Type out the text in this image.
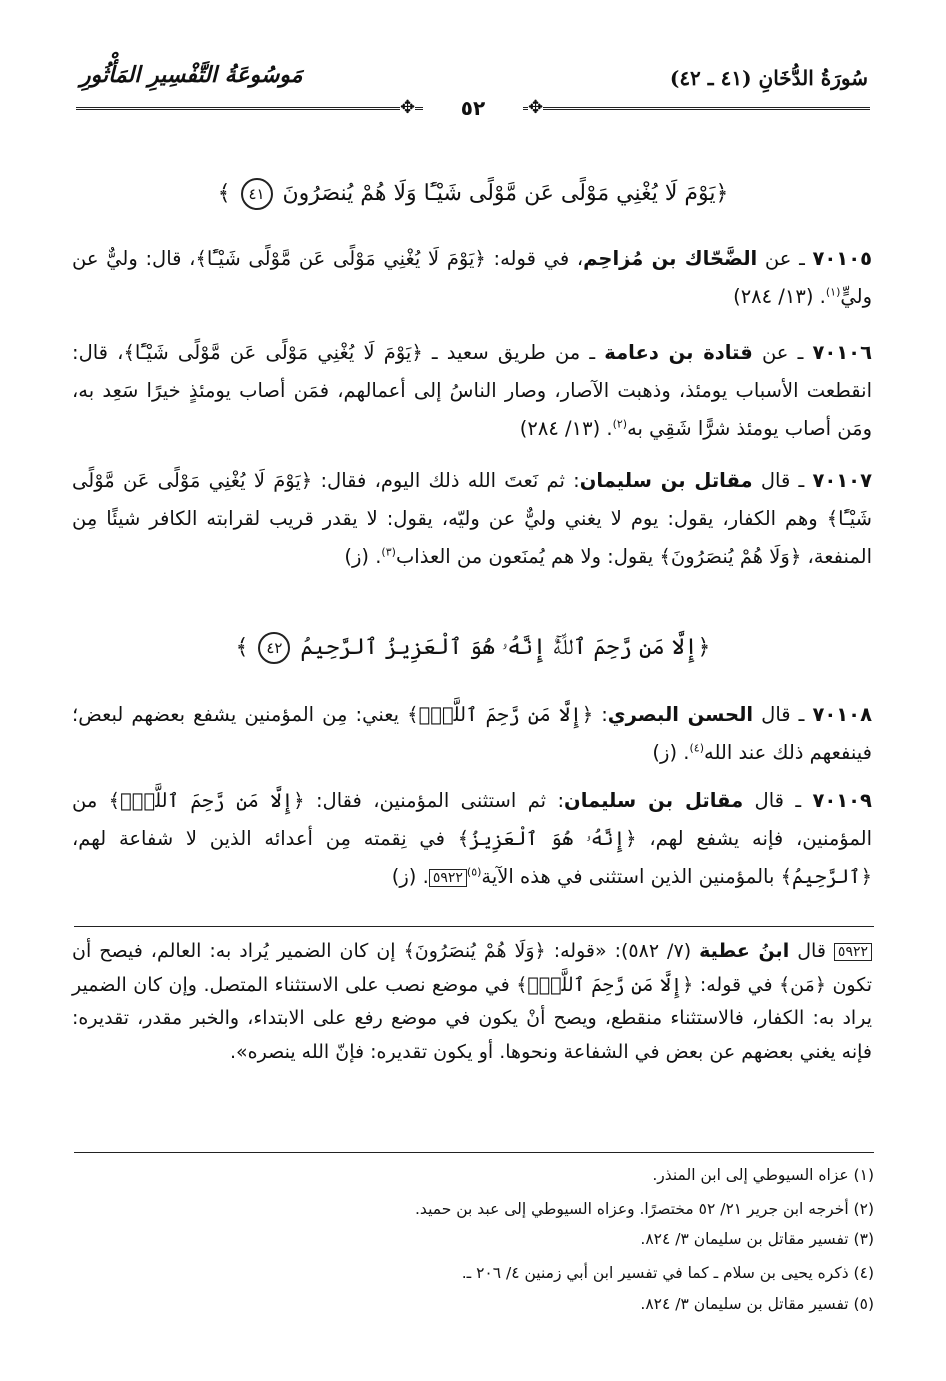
سُورَةُ الدُّخَانِ (٤١ ـ ٤٢)
مَوسُوعَةُ التَّفْسِيرِ المَأْثُورِ
✥	٥٢	✥
﴿يَوْمَ لَا يُغْنِي مَوْلًى عَن مَّوْلًى شَيْـًٔا وَلَا هُمْ يُنصَرُونَ ٤١ ﴾
٧٠١٠٥ ـ عن الضَّحّاك بن مُزاحِم، في قوله: ﴿يَوْمَ لَا يُغْنِي مَوْلًى عَن مَّوْلًى شَيْـًٔا﴾، قال: وليٌّ عن وليٍّ$^{(١)}$. (١٣/ ٢٨٤)
٧٠١٠٦ ـ عن قتادة بن دعامة ـ من طريق سعيد ـ ﴿يَوْمَ لَا يُغْنِي مَوْلًى عَن مَّوْلًى شَيْـًٔا﴾، قال: انقطعت الأسباب يومئذ، وذهبت الآصار، وصار الناسُ إلى أعمالهم، فمَن أصاب يومئذٍ خيرًا سَعِد به، ومَن أصاب يومئذ شرًّا شَقِي به$^{(٢)}$. (١٣/ ٢٨٤)
٧٠١٠٧ ـ قال مقاتل بن سليمان: ثم نَعتَ الله ذلك اليوم، فقال: ﴿يَوْمَ لَا يُغْنِي مَوْلًى عَن مَّوْلًى شَيْـًٔا﴾ وهم الكفار، يقول: يوم لا يغني وليٌّ عن وليّه، يقول: لا يقدر قريب لقرابته الكافر شيئًا مِن المنفعة، ﴿وَلَا هُمْ يُنصَرُونَ﴾ يقول: ولا هم يُمنَعون من العذاب$^{(٣)}$. (ز)
﴿إِلَّا مَن رَّحِمَ ٱللَّهُۚ إِنَّهُۥ هُوَ ٱلْعَزِيزُ ٱلرَّحِيمُ ٤٢ ﴾
٧٠١٠٨ ـ قال الحسن البصري: ﴿إِلَّا مَن رَّحِمَ ٱللَّهُۚ﴾ يعني: مِن المؤمنين يشفع بعضهم لبعض؛ فينفعهم ذلك عند الله$^{(٤)}$. (ز)
٧٠١٠٩ ـ قال مقاتل بن سليمان: ثم استثنى المؤمنين، فقال: ﴿إِلَّا مَن رَّحِمَ ٱللَّهُۚ﴾ من المؤمنين، فإنه يشفع لهم، ﴿إِنَّهُۥ هُوَ ٱلْعَزِيزُ﴾ في نِقمته مِن أعدائه الذين لا شفاعة لهم، ﴿ٱلرَّحِيمُ﴾ بالمؤمنين الذين استثنى في هذه الآية$^{(٥)}$٥٩٢٢. (ز)
٥٩٢٢ قال ابنُ عطية (٧/ ٥٨٢): «قوله: ﴿وَلَا هُمْ يُنصَرُونَ﴾ إن كان الضمير يُراد به: العالم، فيصح أن تكون ﴿مَن﴾ في قوله: ﴿إِلَّا مَن رَّحِمَ ٱللَّهُۚ﴾ في موضع نصب على الاستثناء المتصل. وإن كان الضمير يراد به: الكفار، فالاستثناء منقطع، ويصح أنْ يكون في موضع رفع على الابتداء، والخبر مقدر، تقديره: فإنه يغني بعضهم عن بعض في الشفاعة ونحوها. أو يكون تقديره: فإنّ الله ينصره».
(١) عزاه السيوطي إلى ابن المنذر.
(٢) أخرجه ابن جرير ٢١/ ٥٢ مختصرًا. وعزاه السيوطي إلى عبد بن حميد.
(٣) تفسير مقاتل بن سليمان ٣/ ٨٢٤.
(٤) ذكره يحيى بن سلام ـ كما في تفسير ابن أبي زمنين ٤/ ٢٠٦ ـ.
(٥) تفسير مقاتل بن سليمان ٣/ ٨٢٤.
